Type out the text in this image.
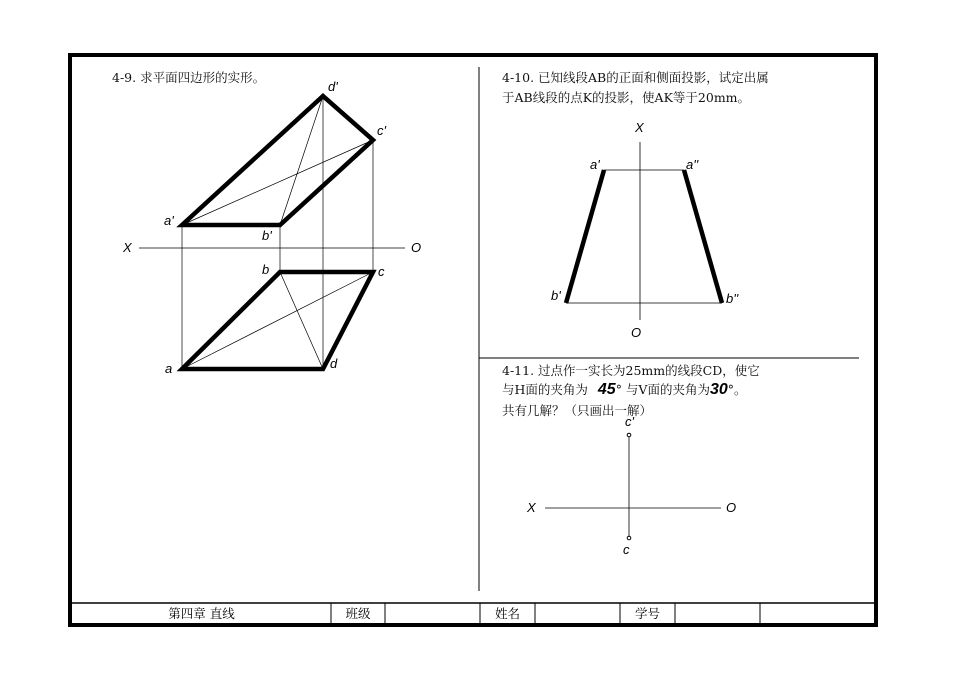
4-9. 求平面四边形的实形。
d'
c'
a'
b'
X	O
b	c
a	d
4-10. 已知线段AB的正面和侧面投影，试定出属
于AB线段的点K的投影，使AK等于20mm。
X
a'	a''
b'	b''
O
4-11. 过点作一实长为25mm的线段CD，使它
与H面的夹角为 45° 与V面的夹角为30°。
共有几解？（只画出一解）
c'
X	O
c
第四章 直线	班级	姓名	学号
